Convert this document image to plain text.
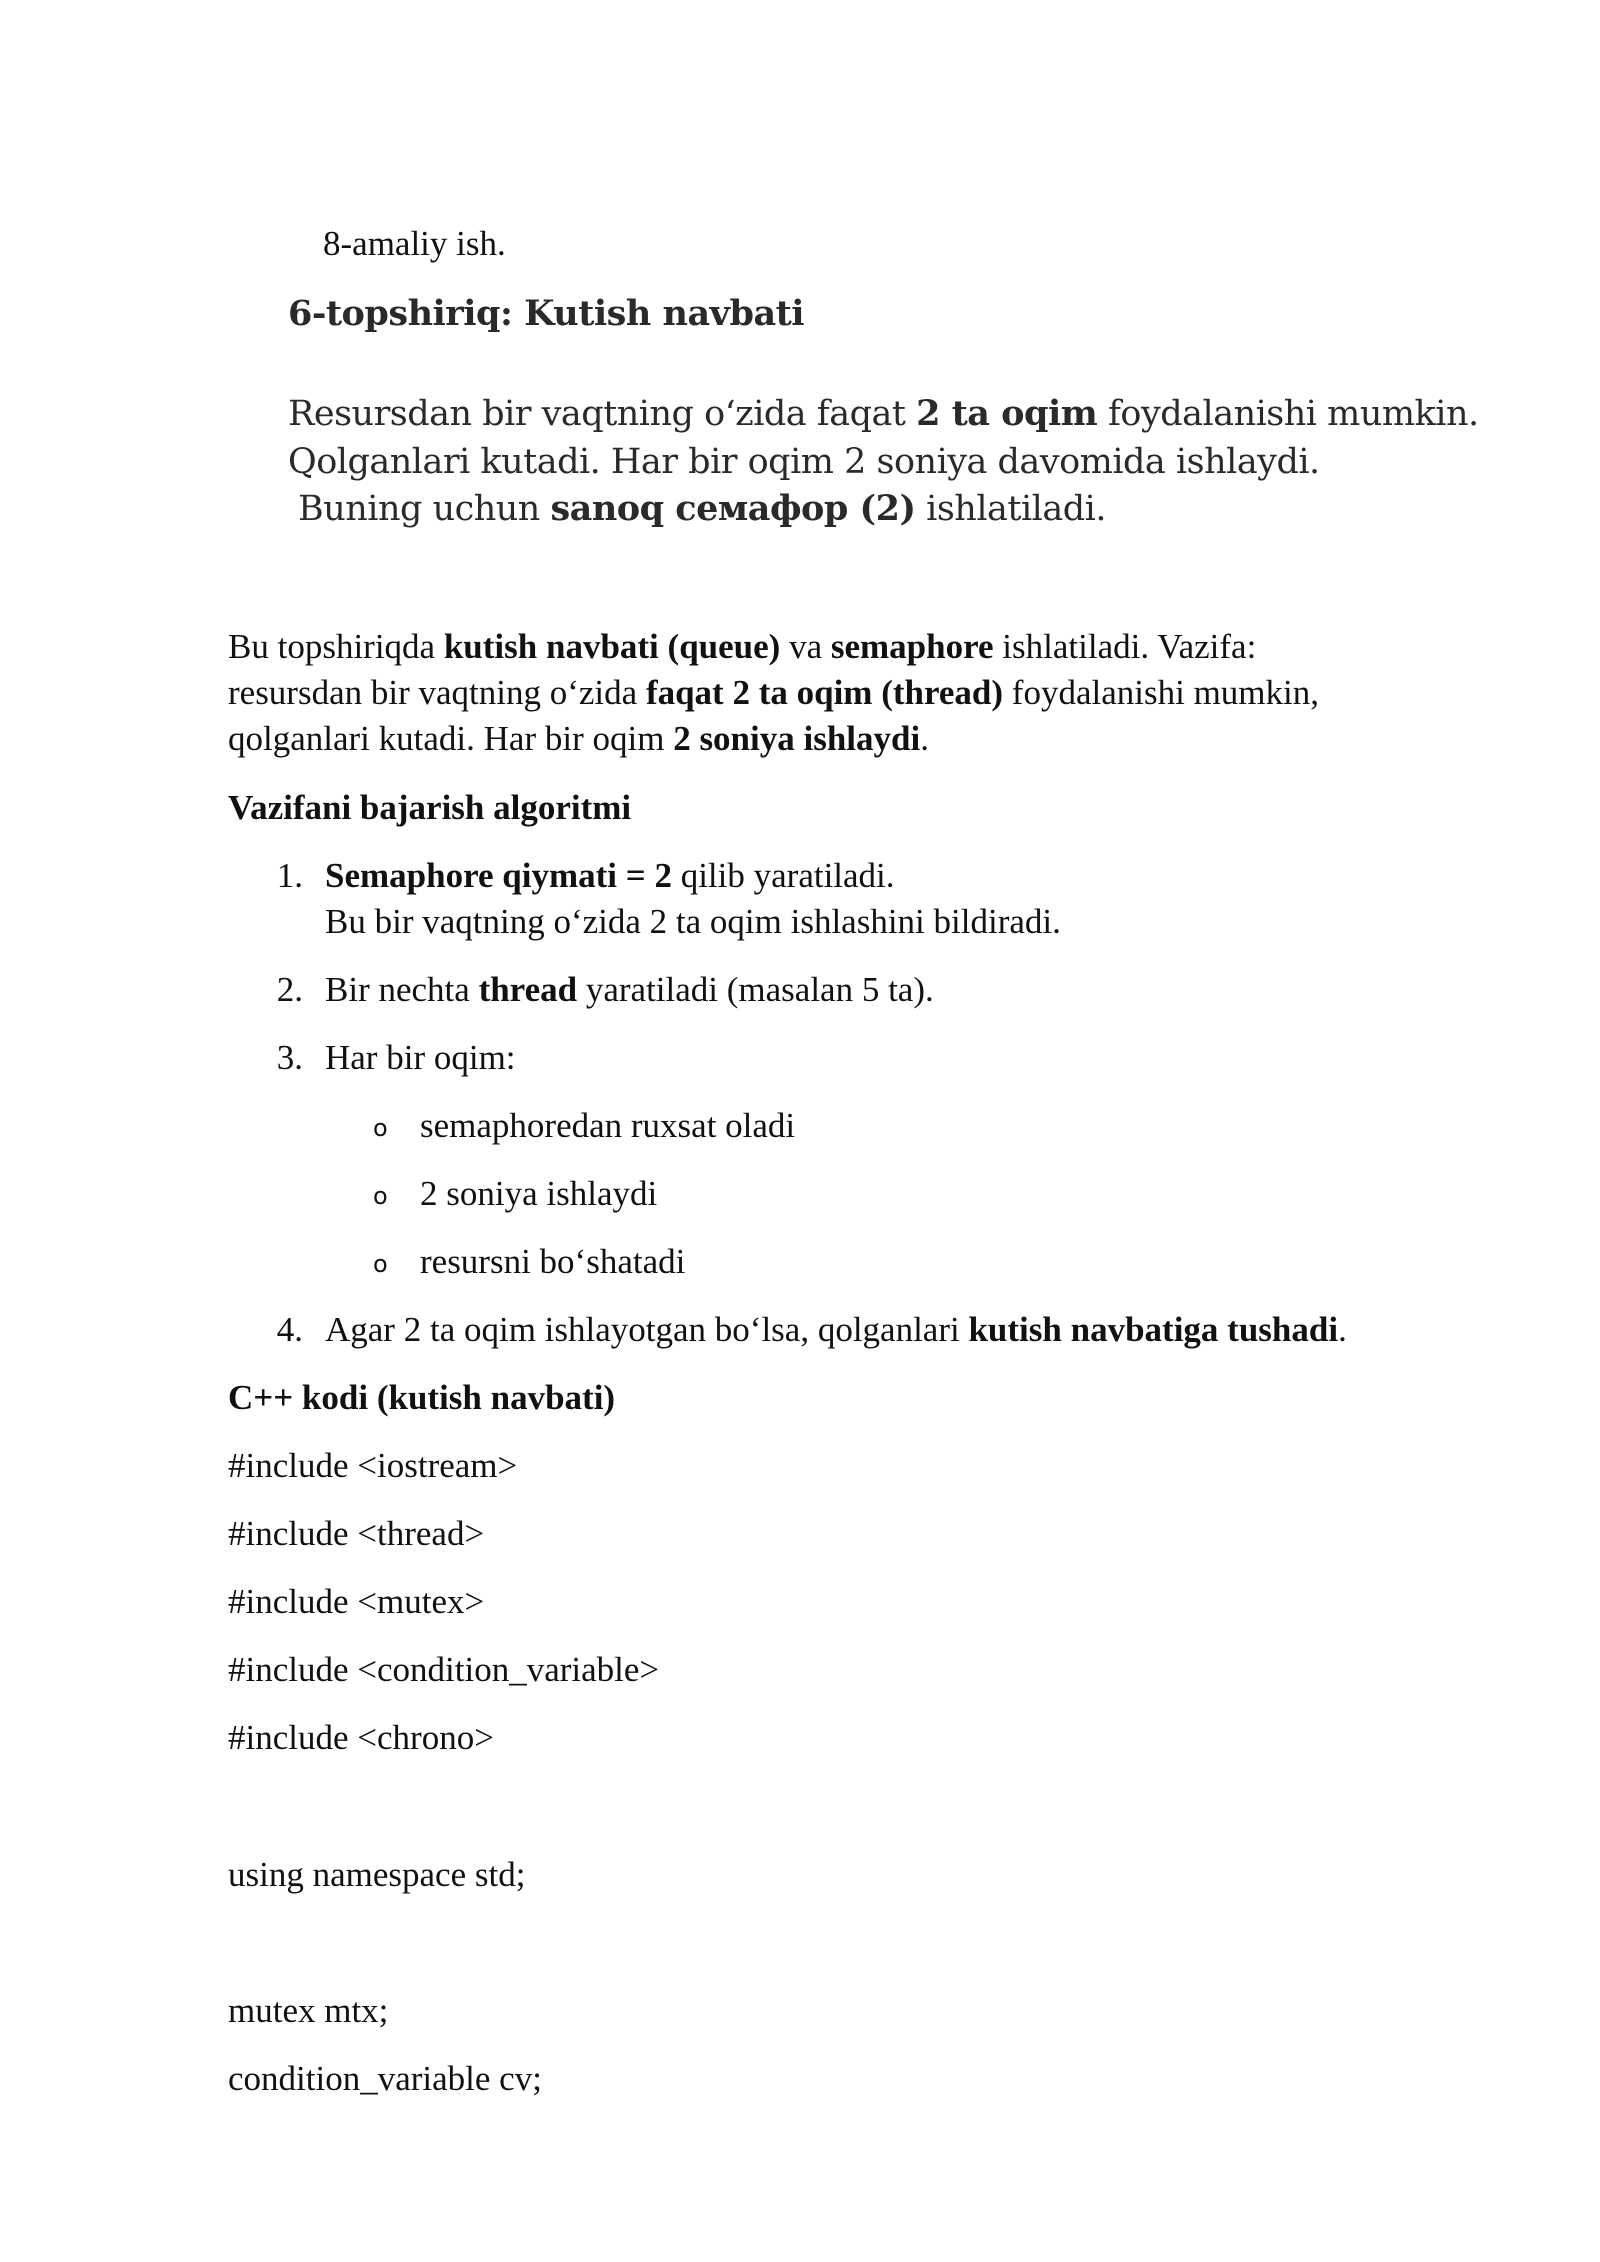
8-amaliy ish.
6-topshiriq: Kutish navbati
Resursdan bir vaqtning o‘zida faqat 2 ta oqim foydalanishi mumkin.
Qolganlari kutadi. Har bir oqim 2 soniya davomida ishlaydi.
Buning uchun sanoq семафор (2) ishlatiladi.
Bu topshiriqda kutish navbati (queue) va semaphore ishlatiladi. Vazifa:
resursdan bir vaqtning o‘zida faqat 2 ta oqim (thread) foydalanishi mumkin,
qolganlari kutadi. Har bir oqim 2 soniya ishlaydi.
Vazifani bajarish algoritmi
1. Semaphore qiymati = 2 qilib yaratiladi.
Bu bir vaqtning o‘zida 2 ta oqim ishlashini bildiradi.
2. Bir nechta thread yaratiladi (masalan 5 ta).
3. Har bir oqim:
o semaphoredan ruxsat oladi
o 2 soniya ishlaydi
o resursni bo‘shatadi
4. Agar 2 ta oqim ishlayotgan bo‘lsa, qolganlari kutish navbatiga tushadi.
C++ kodi (kutish navbati)
#include <iostream>
#include <thread>
#include <mutex>
#include <condition_variable>
#include <chrono>
using namespace std;
mutex mtx;
condition_variable cv;
